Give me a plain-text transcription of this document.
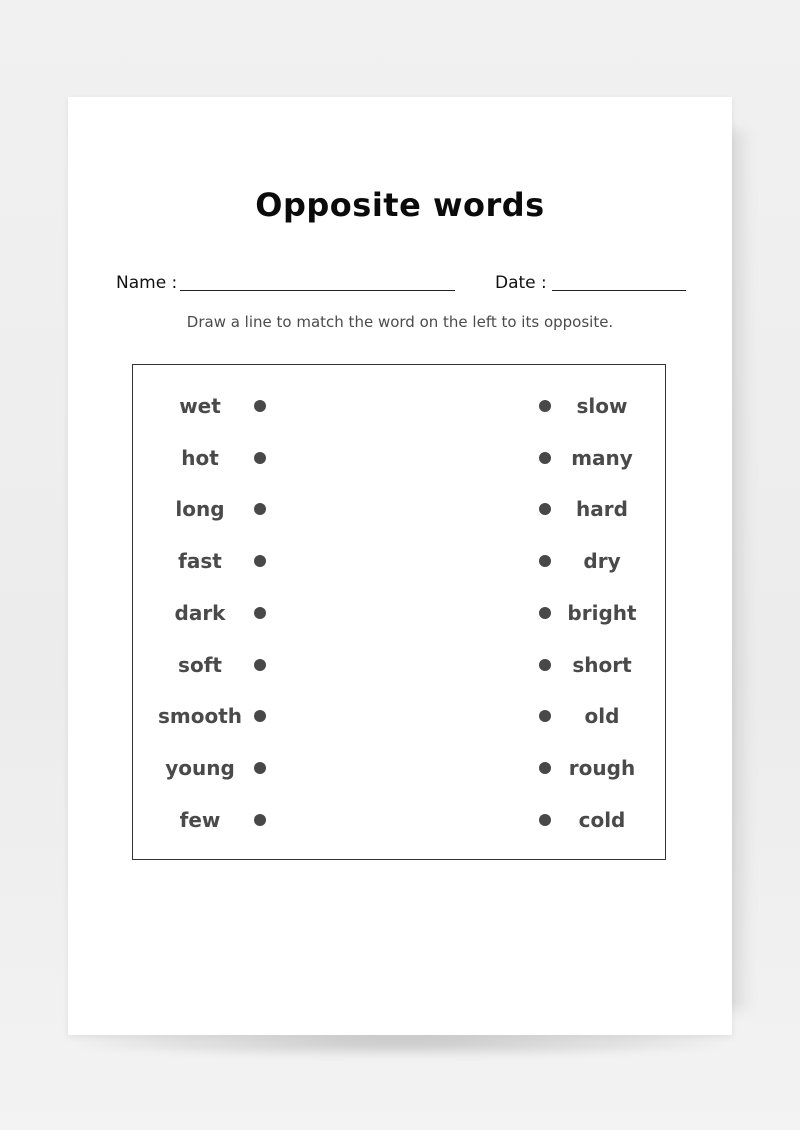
Opposite words
Name :	Date :
Draw a line to match the word on the left to its opposite.
wet	slow
hot	many
long	hard
fast	dry
dark	bright
soft	short
smooth	old
young	rough
few	cold
